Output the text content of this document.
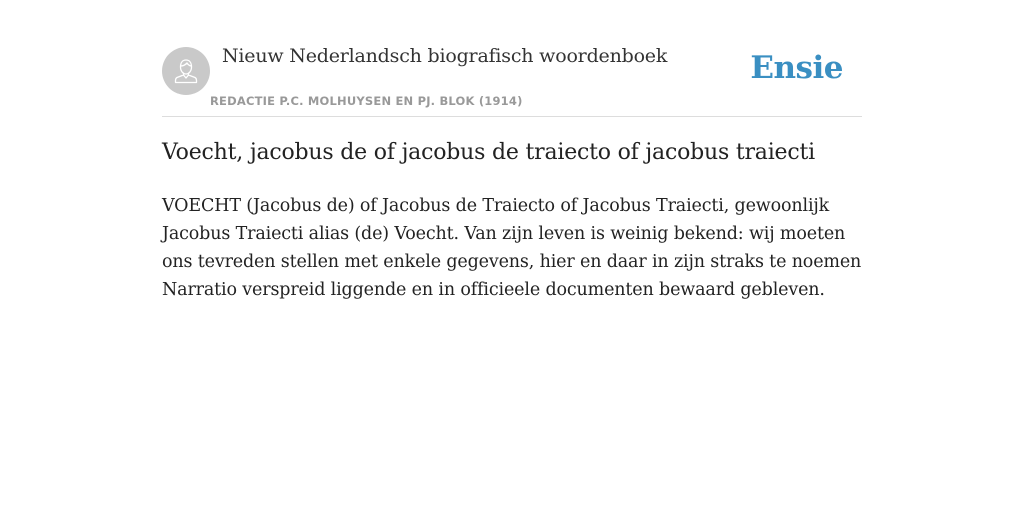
Nieuw Nederlandsch biografisch woordenboek
REDACTIE P.C. MOLHUYSEN EN PJ. BLOK (1914)
Ensie
Voecht, jacobus de of jacobus de traiecto of jacobus traiecti

VOECHT (Jacobus de) of Jacobus de Traiecto of Jacobus Traiecti, gewoonlijk Jacobus Traiecti alias (de) Voecht. Van zijn leven is weinig bekend: wij moeten ons tevreden stellen met enkele gegevens, hier en daar in zijn straks te noemen Narratio verspreid liggende en in officieele documenten bewaard gebleven.
